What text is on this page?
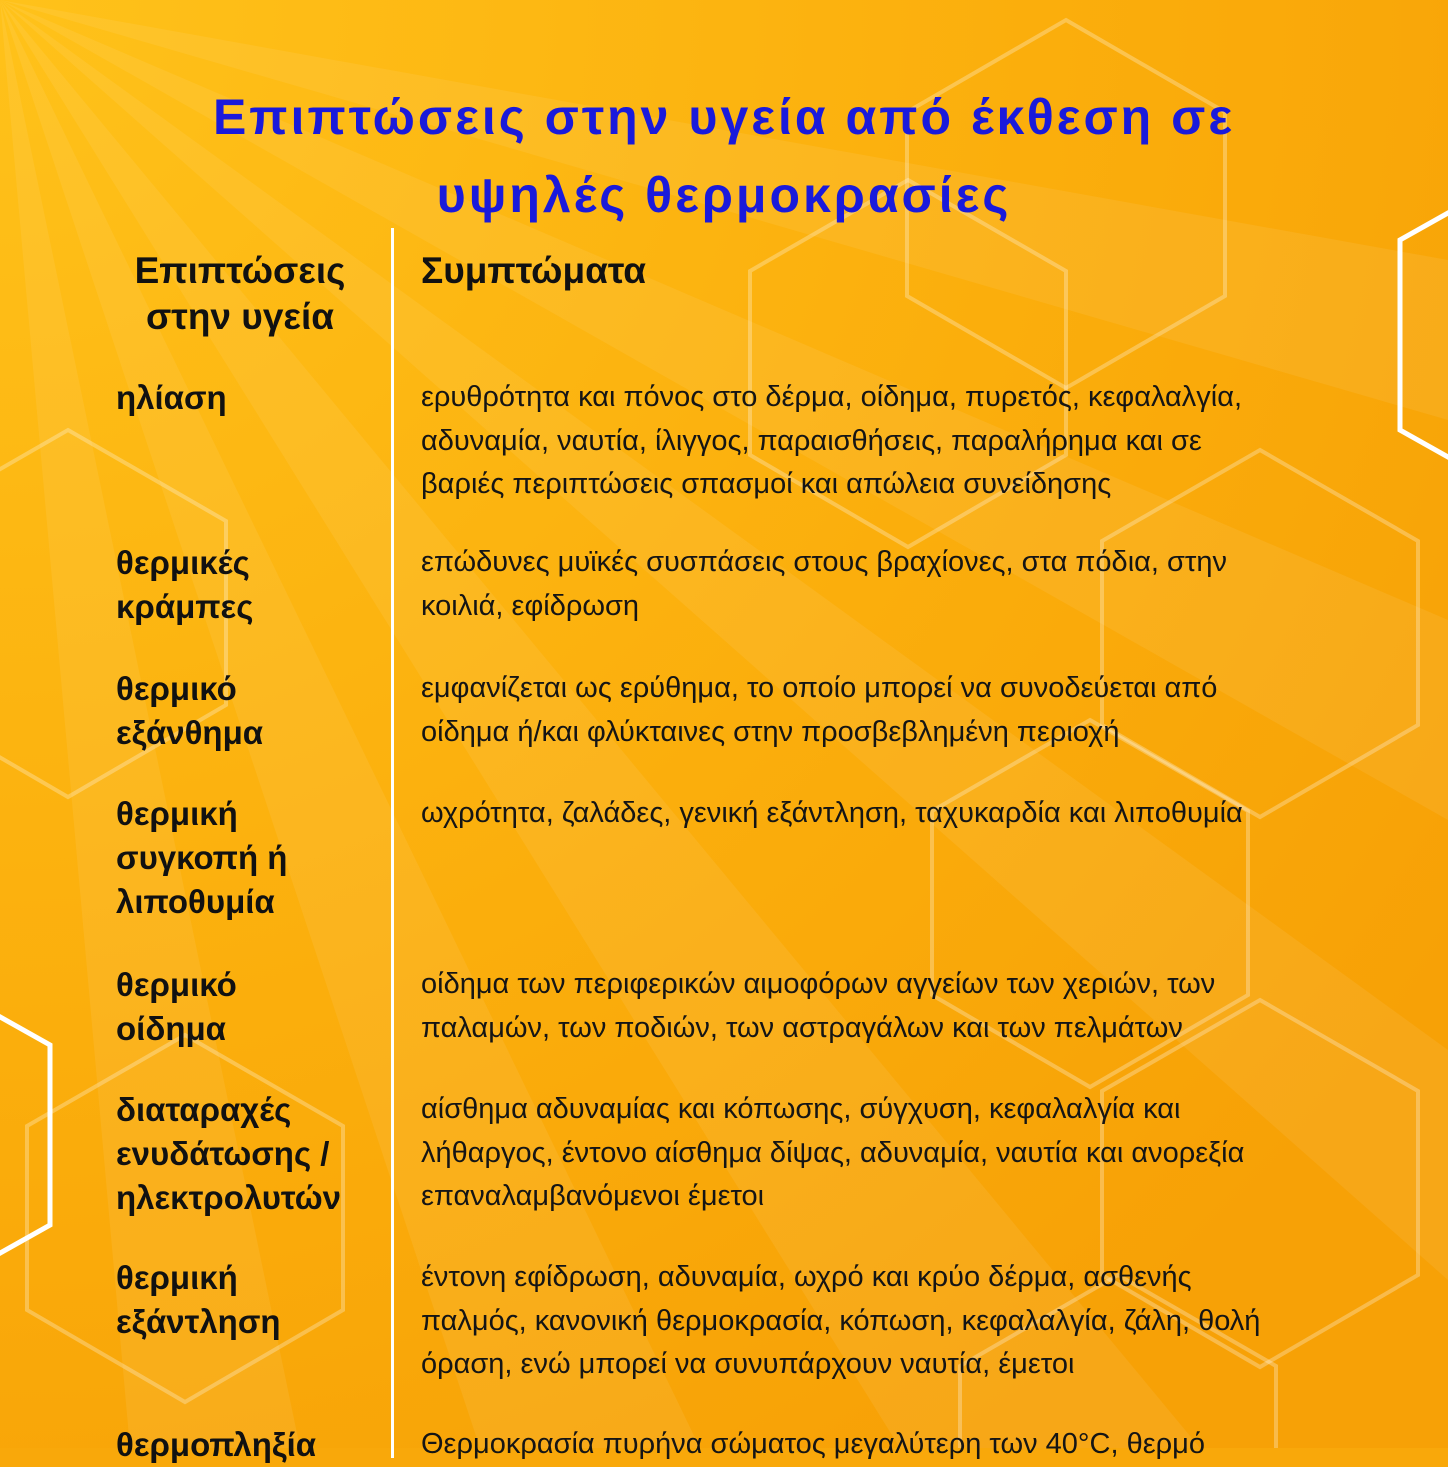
Επιπτώσεις στην υγεία από έκθεση σε
υψηλές θερμοκρασίες
Επιπτώσεις
στην υγεία
Συμπτώματα
ηλίαση	ερυθρότητα και πόνος στο δέρμα, οίδημα, πυρετός, κεφαλαλγία,
αδυναμία, ναυτία, ίλιγγος, παραισθήσεις, παραλήρημα και σε
βαριές περιπτώσεις σπασμοί και απώλεια συνείδησης
θερμικές
κράμπες
επώδυνες μυϊκές συσπάσεις στους βραχίονες, στα πόδια, στην
κοιλιά, εφίδρωση
θερμικό
εξάνθημα
εμφανίζεται ως ερύθημα, το οποίο μπορεί να συνοδεύεται από
οίδημα ή/και φλύκταινες στην προσβεβλημένη περιοχή
θερμική
συγκοπή ή
λιποθυμία
ωχρότητα, ζαλάδες, γενική εξάντληση, ταχυκαρδία και λιποθυμία
θερμικό
οίδημα
οίδημα των περιφερικών αιμοφόρων αγγείων των χεριών, των
παλαμών, των ποδιών, των αστραγάλων και των πελμάτων
διαταραχές
ενυδάτωσης /
ηλεκτρολυτών
αίσθημα αδυναμίας και κόπωσης, σύγχυση, κεφαλαλγία και
λήθαργος, έντονο αίσθημα δίψας, αδυναμία, ναυτία και ανορεξία
επαναλαμβανόμενοι έμετοι
θερμική
εξάντληση
έντονη εφίδρωση, αδυναμία, ωχρό και κρύο δέρμα, ασθενής
παλμός, κανονική θερμοκρασία, κόπωση, κεφαλαλγία, ζάλη, θολή
όραση, ενώ μπορεί να συνυπάρχουν ναυτία, έμετοι
θερμοπληξία	Θερμοκρασία πυρήνα σώματος μεγαλύτερη των 40°C, θερμό
